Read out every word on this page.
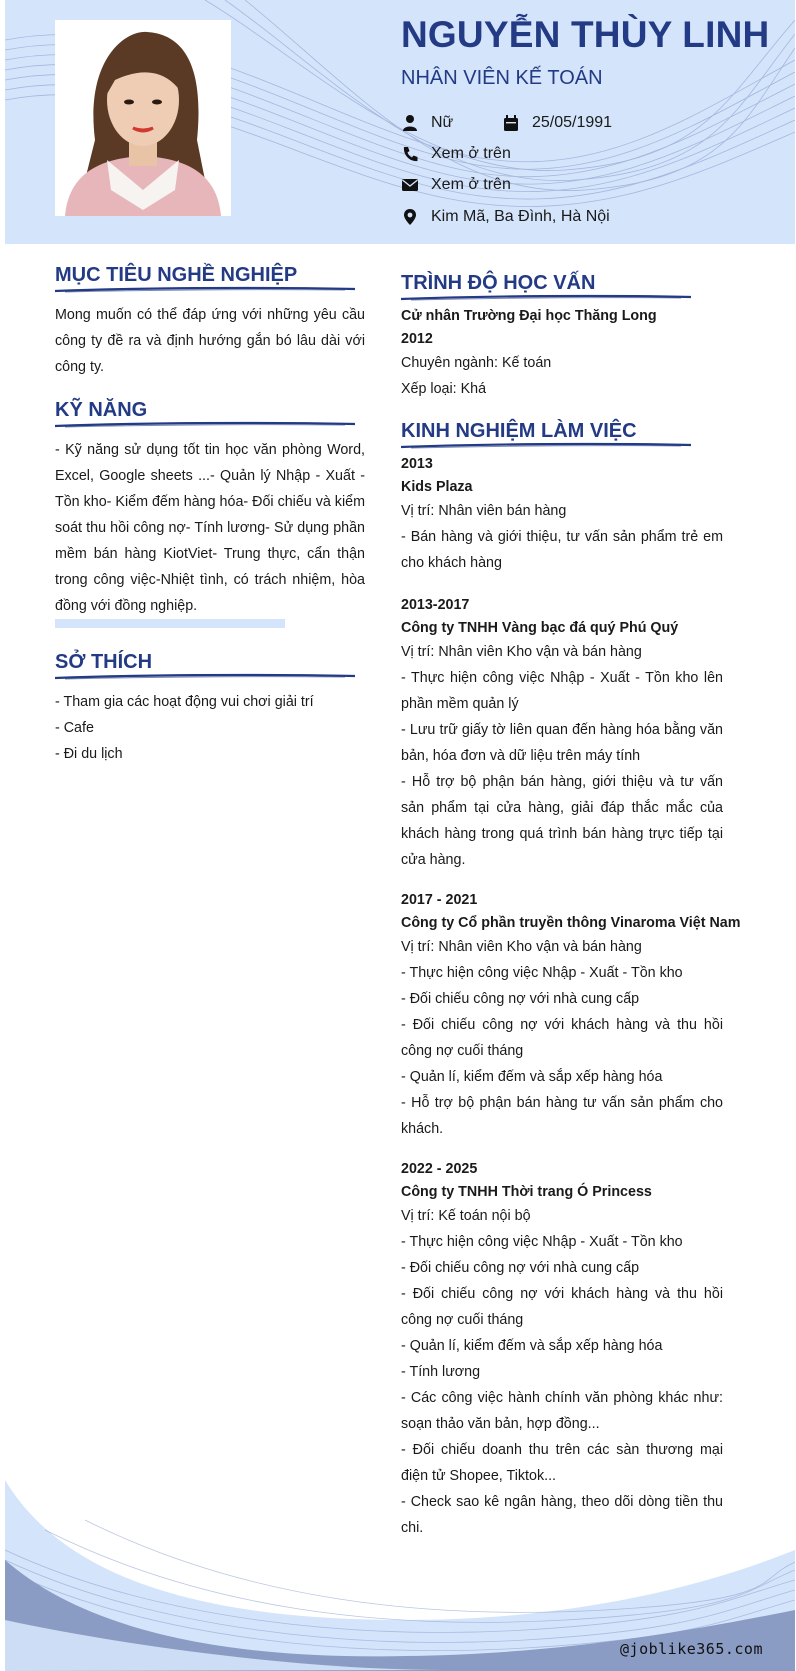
NGUYỄN THÙY LINH
NHÂN VIÊN KẾ TOÁN
Nữ	25/05/1991
Xem ở trên
Xem ở trên
Kim Mã, Ba Đình, Hà Nội
MỤC TIÊU NGHỀ NGHIỆP
Mong muốn có thể đáp ứng với những yêu cầu công ty đề ra và định hướng gắn bó lâu dài với công ty.
KỸ NĂNG
- Kỹ năng sử dụng tốt tin học văn phòng Word, Excel, Google sheets ...- Quản lý Nhập - Xuất - Tồn kho- Kiểm đếm hàng hóa- Đối chiếu và kiểm soát thu hồi công nợ- Tính lương- Sử dụng phần mềm bán hàng KiotViet- Trung thực, cẩn thận trong công việc-Nhiệt tình, có trách nhiệm, hòa đồng với đồng nghiệp.
SỞ THÍCH
- Tham gia các hoạt động vui chơi giải trí
- Cafe
- Đi du lịch
TRÌNH ĐỘ HỌC VẤN
Cử nhân Trường Đại học Thăng Long
2012
Chuyên ngành: Kế toán
Xếp loại: Khá
KINH NGHIỆM LÀM VIỆC
2013
Kids Plaza
Vị trí: Nhân viên bán hàng
- Bán hàng và giới thiệu, tư vấn sản phẩm trẻ em cho khách hàng
2013-2017
Công ty TNHH Vàng bạc đá quý Phú Quý
Vị trí: Nhân viên Kho vận và bán hàng
- Thực hiện công việc Nhập - Xuất - Tồn kho lên phần mềm quản lý
- Lưu trữ giấy tờ liên quan đến hàng hóa bằng văn bản, hóa đơn và dữ liệu trên máy tính
- Hỗ trợ bộ phận bán hàng, giới thiệu và tư vấn sản phẩm tại cửa hàng, giải đáp thắc mắc của khách hàng trong quá trình bán hàng trực tiếp tại cửa hàng.
2017 - 2021
Công ty Cổ phần truyền thông Vinaroma Việt Nam
Vị trí: Nhân viên Kho vận và bán hàng
- Thực hiện công việc Nhập - Xuất - Tồn kho
- Đối chiếu công nợ với nhà cung cấp
- Đối chiếu công nợ với khách hàng và thu hồi công nợ cuối tháng
- Quản lí, kiểm đếm và sắp xếp hàng hóa
- Hỗ trợ bộ phận bán hàng tư vấn sản phẩm cho khách.
2022 - 2025
Công ty TNHH Thời trang Ó Princess
Vị trí: Kế toán nội bộ
- Thực hiện công việc Nhập - Xuất - Tồn kho
- Đối chiếu công nợ với nhà cung cấp
- Đối chiếu công nợ với khách hàng và thu hồi công nợ cuối tháng
- Quản lí, kiểm đếm và sắp xếp hàng hóa
- Tính lương
- Các công việc hành chính văn phòng khác như: soạn thảo văn bản, hợp đồng...
- Đối chiếu doanh thu trên các sàn thương mại điện tử Shopee, Tiktok...
- Check sao kê ngân hàng, theo dõi dòng tiền thu chi.
@joblike365.com
